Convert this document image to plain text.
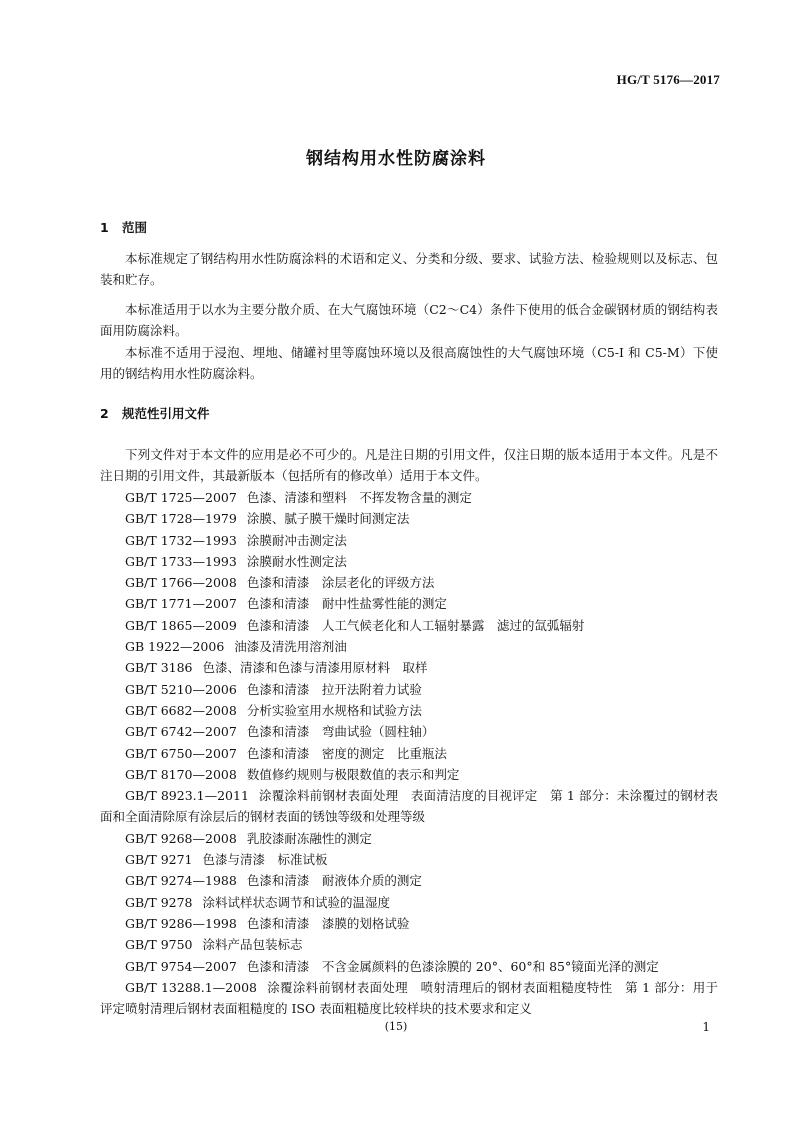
HG/T 5176—2017
钢结构用水性防腐涂料
1 范围

本标准规定了钢结构用水性防腐涂料的术语和定义、分类和分级、要求、试验方法、检验规则以及标志、包装和贮存。

本标准适用于以水为主要分散介质、在大气腐蚀环境（C2～C4）条件下使用的低合金碳钢材质的钢结构表面用防腐涂料。

本标准不适用于浸泡、埋地、储罐衬里等腐蚀环境以及很高腐蚀性的大气腐蚀环境（C5-I 和 C5-M）下使用的钢结构用水性防腐涂料。

2 规范性引用文件

下列文件对于本文件的应用是必不可少的。凡是注日期的引用文件，仅注日期的版本适用于本文件。凡是不注日期的引用文件，其最新版本（包括所有的修改单）适用于本文件。

GB/T 1725—2007 色漆、清漆和塑料　不挥发物含量的测定
GB/T 1728—1979 涂膜、腻子膜干燥时间测定法
GB/T 1732—1993 涂膜耐冲击测定法
GB/T 1733—1993 涂膜耐水性测定法
GB/T 1766—2008 色漆和清漆　涂层老化的评级方法
GB/T 1771—2007 色漆和清漆　耐中性盐雾性能的测定
GB/T 1865—2009 色漆和清漆　人工气候老化和人工辐射暴露　滤过的氙弧辐射
GB 1922—2006 油漆及清洗用溶剂油
GB/T 3186 色漆、清漆和色漆与清漆用原材料　取样
GB/T 5210—2006 色漆和清漆　拉开法附着力试验
GB/T 6682—2008 分析实验室用水规格和试验方法
GB/T 6742—2007 色漆和清漆　弯曲试验（圆柱轴）
GB/T 6750—2007 色漆和清漆　密度的测定　比重瓶法
GB/T 8170—2008 数值修约规则与极限数值的表示和判定
GB/T 8923.1—2011 涂覆涂料前钢材表面处理　表面清洁度的目视评定　第 1 部分：未涂覆过的钢材表面和全面清除原有涂层后的钢材表面的锈蚀等级和处理等级
GB/T 9268—2008 乳胶漆耐冻融性的测定
GB/T 9271 色漆与清漆　标准试板
GB/T 9274—1988 色漆和清漆　耐液体介质的测定
GB/T 9278 涂料试样状态调节和试验的温湿度
GB/T 9286—1998 色漆和清漆　漆膜的划格试验
GB/T 9750 涂料产品包装标志
GB/T 9754—2007 色漆和清漆　不含金属颜料的色漆涂膜的 20°、60°和 85°镜面光泽的测定
GB/T 13288.1—2008 涂覆涂料前钢材表面处理　喷射清理后的钢材表面粗糙度特性　第 1 部分：用于评定喷射清理后钢材表面粗糙度的 ISO 表面粗糙度比较样块的技术要求和定义
(15)	1
